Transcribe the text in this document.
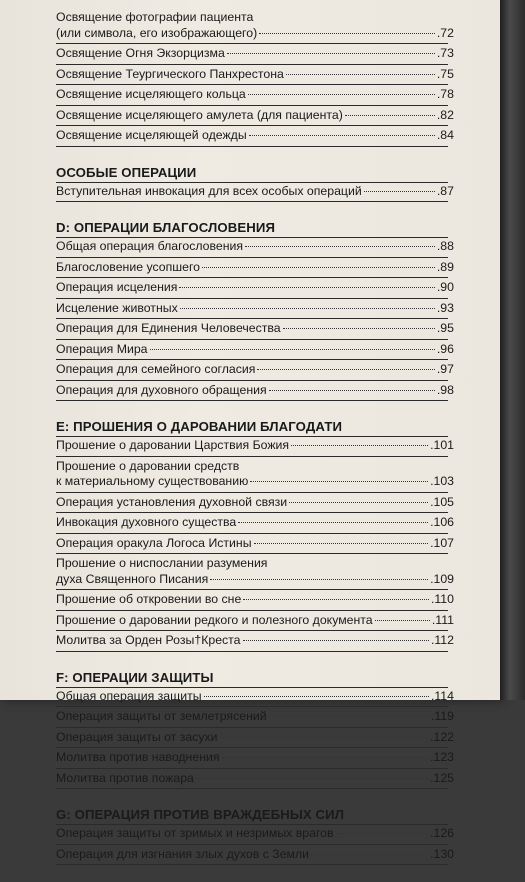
Освящение фотографии пациента
(или символа, его изображающего)	.72
Освящение Огня Экзорцизма	.73
Освящение Теургического Панхрестона	.75
Освящение исцеляющего кольца	.78
Освящение исцеляющего амулета (для пациента)	.82
Освящение исцеляющей одежды	.84
ОСОБЫЕ ОПЕРАЦИИ
Вступительная инвокация для всех особых операций	.87
D: ОПЕРАЦИИ БЛАГОСЛОВЕНИЯ
Общая операция благословения	.88
Благословение усопшего	.89
Операция исцеления	.90
Исцеление животных	.93
Операция для Единения Человечества	.95
Операция Мира	.96
Операция для семейного согласия	.97
Операция для духовного обращения	.98
E: ПРОШЕНИЯ О ДАРОВАНИИ БЛАГОДАТИ
Прошение о даровании Царствия Божия	.101
Прошение о даровании средств
к материальному существованию	.103
Операция установления духовной связи	.105
Инвокация духовного существа	.106
Операция оракула Логоса Истины	.107
Прошение о ниспослании разумения
духа Священного Писания	.109
Прошение об откровении во сне	.110
Прошение о даровании редкого и полезного документа	.111
Молитва за Орден Розы†Креста	.112
F: ОПЕРАЦИИ ЗАЩИТЫ
Общая операция защиты	.114
Операция защиты от землетрясений	.119
Операция защиты от засухи	.122
Молитва против наводнения	.123
Молитва против пожара	.125
G: ОПЕРАЦИЯ ПРОТИВ ВРАЖДЕБНЫХ СИЛ
Операция защиты от зримых и незримых врагов	.126
Операция для изгнания злых духов с Земли	.130
